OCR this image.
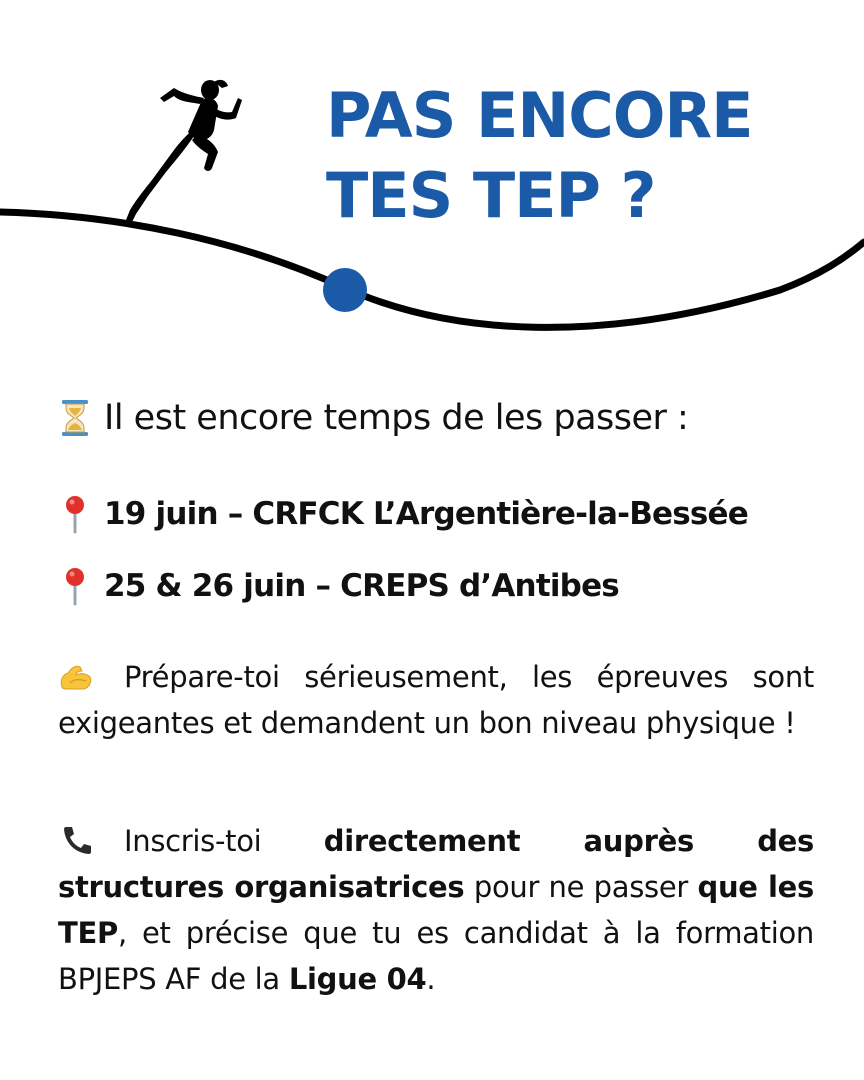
PAS ENCORE
TES TEP ?
Il est encore temps de les passer :
19 juin – CRFCK L’Argentière-la-Bessée
25 & 26 juin – CREPS d’Antibes
Prépare-toi sérieusement, les épreuves sont exigeantes et demandent un bon niveau physique !
Inscris-toi directement auprès des structures organisatrices pour ne passer que les TEP, et précise que tu es candidat à la formation BPJEPS AF de la Ligue 04.
